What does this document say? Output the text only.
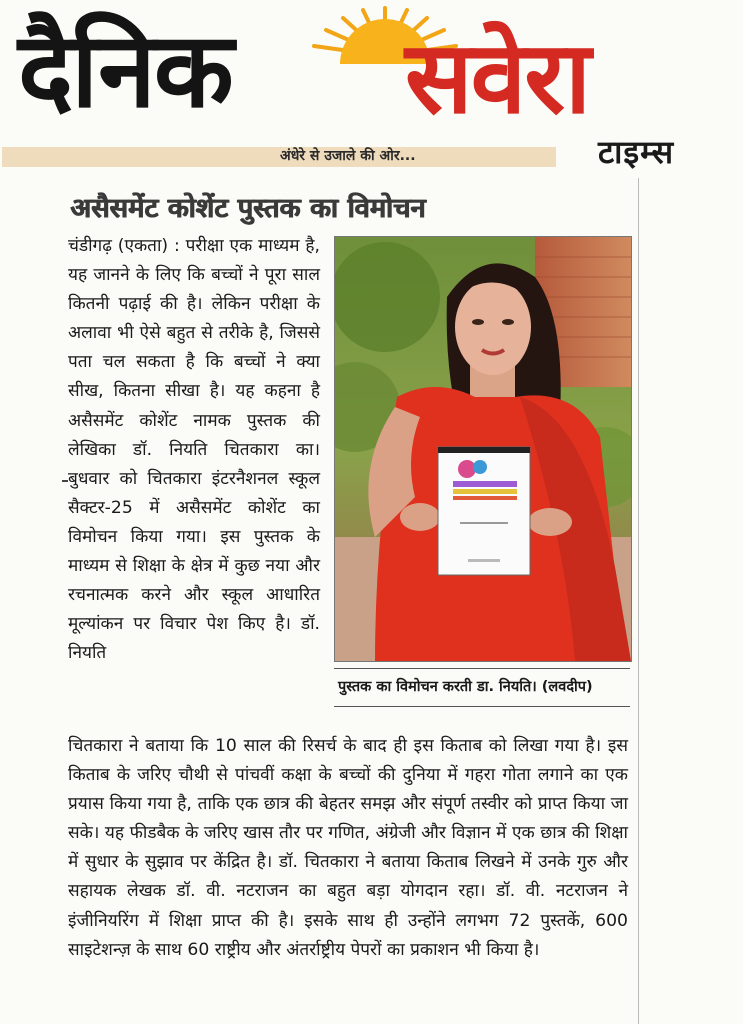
दैनिक सवेरा
अंधेरे से उजाले की ओर...	टाइम्स
असैसमेंट कोशेंट पुस्तक का विमोचन

चंडीगढ़ (एकता) : परीक्षा एक माध्यम है, यह जानने के लिए कि बच्चों ने पूरा साल कितनी पढ़ाई की है। लेकिन परीक्षा के अलावा भी ऐसे बहुत से तरीके है, जिससे पता चल सकता है कि बच्चों ने क्या सीख, कितना सीखा है। यह कहना है असैसमेंट कोशेंट नामक पुस्तक की लेखिका डॉ. नियति चितकारा का। बुधवार को चितकारा इंटरनैशनल स्कूल सैक्टर-25 में असैसमेंट कोशेंट का विमोचन किया गया। इस पुस्तक के माध्यम से शिक्षा के क्षेत्र में कुछ नया और रचनात्मक करने और स्कूल आधारित मूल्यांकन पर विचार पेश किए है। डॉ. नियति

पुस्तक का विमोचन करती डा. नियति। (लवदीप)

चितकारा ने बताया कि 10 साल की रिसर्च के बाद ही इस किताब को लिखा गया है। इस किताब के जरिए चौथी से पांचवीं कक्षा के बच्चों की दुनिया में गहरा गोता लगाने का एक प्रयास किया गया है, ताकि एक छात्र की बेहतर समझ और संपूर्ण तस्वीर को प्राप्त किया जा सके। यह फीडबैक के जरिए खास तौर पर गणित, अंग्रेजी और विज्ञान में एक छात्र की शिक्षा में सुधार के सुझाव पर केंद्रित है। डॉ. चितकारा ने बताया किताब लिखने में उनके गुरु और सहायक लेखक डॉ. वी. नटराजन का बहुत बड़ा योगदान रहा। डॉ. वी. नटराजन ने इंजीनियरिंग में शिक्षा प्राप्त की है। इसके साथ ही उन्होंने लगभग 72 पुस्तकें, 600 साइटेशन्ज़ के साथ 60 राष्ट्रीय और अंतर्राष्ट्रीय पेपरों का प्रकाशन भी किया है।
